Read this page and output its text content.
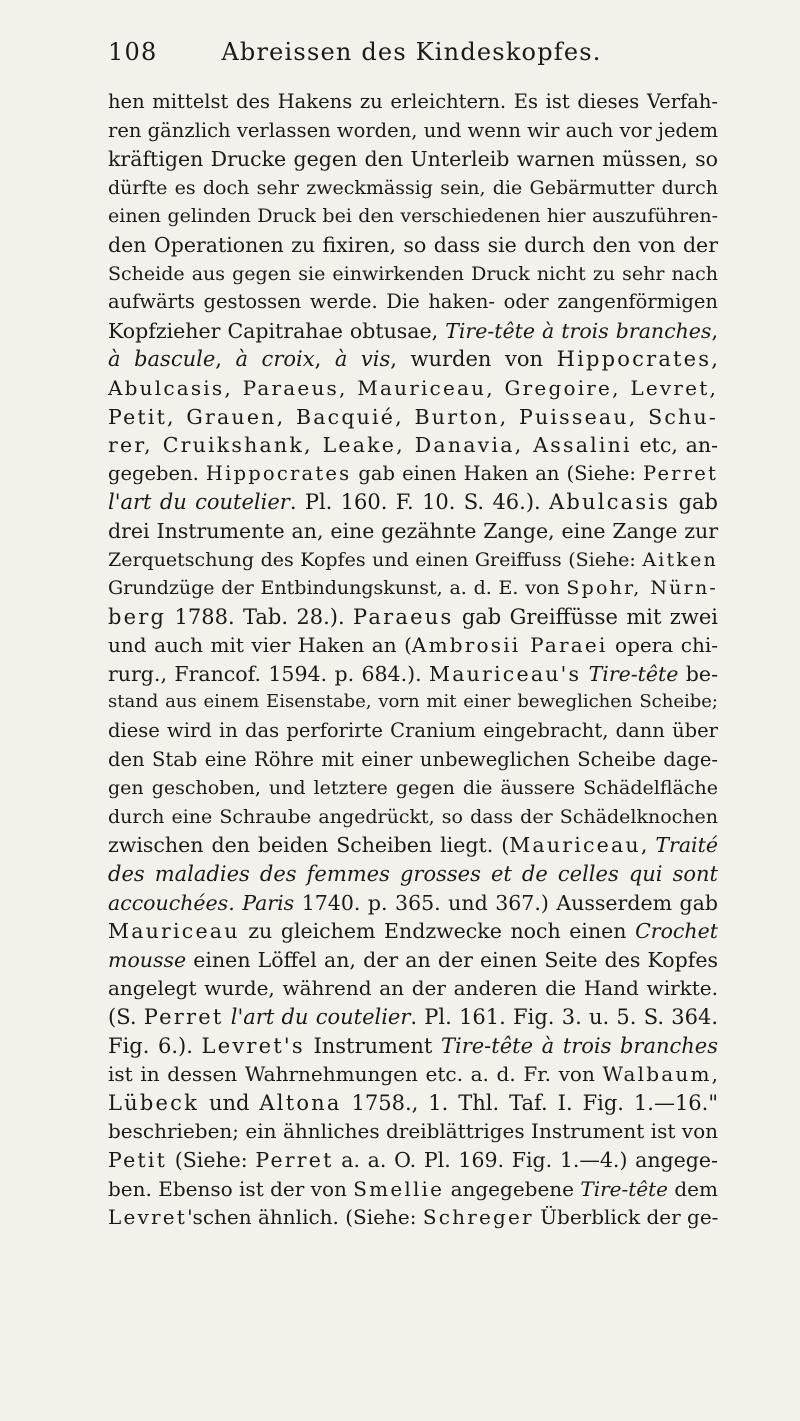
108	Abreissen des Kindeskopfes.
hen mittelst des Hakens zu erleichtern. Es ist dieses Verfah-
ren gänzlich verlassen worden, und wenn wir auch vor jedem
kräftigen Drucke gegen den Unterleib warnen müssen, so
dürfte es doch sehr zweckmässig sein, die Gebärmutter durch
einen gelinden Druck bei den verschiedenen hier auszuführen-
den Operationen zu fixiren, so dass sie durch den von der
Scheide aus gegen sie einwirkenden Druck nicht zu sehr nach
aufwärts gestossen werde. Die haken- oder zangenförmigen
Kopfzieher Capitrahae obtusae, Tire-tête à trois branches,
à bascule, à croix, à vis, wurden von Hippocrates,
Abulcasis, Paraeus, Mauriceau, Gregoire, Levret,
Petit, Grauen, Bacquié, Burton, Puisseau, Schu-
rer, Cruikshank, Leake, Danavia, Assalini etc, an-
gegeben. Hippocrates gab einen Haken an (Siehe: Perret
l'art du coutelier. Pl. 160. F. 10. S. 46.). Abulcasis gab
drei Instrumente an, eine gezähnte Zange, eine Zange zur
Zerquetschung des Kopfes und einen Greiffuss (Siehe: Aitken
Grundzüge der Entbindungskunst, a. d. E. von Spohr, Nürn-
berg 1788. Tab. 28.). Paraeus gab Greiffüsse mit zwei
und auch mit vier Haken an (Ambrosii Paraei opera chi-
rurg., Francof. 1594. p. 684.). Mauriceau's Tire-tête be-
stand aus einem Eisenstabe, vorn mit einer beweglichen Scheibe;
diese wird in das perforirte Cranium eingebracht, dann über
den Stab eine Röhre mit einer unbeweglichen Scheibe dage-
gen geschoben, und letztere gegen die äussere Schädelfläche
durch eine Schraube angedrückt, so dass der Schädelknochen
zwischen den beiden Scheiben liegt. (Mauriceau, Traité
des maladies des femmes grosses et de celles qui sont
accouchées. Paris 1740. p. 365. und 367.) Ausserdem gab
Mauriceau zu gleichem Endzwecke noch einen Crochet
mousse einen Löffel an, der an der einen Seite des Kopfes
angelegt wurde, während an der anderen die Hand wirkte.
(S. Perret l'art du coutelier. Pl. 161. Fig. 3. u. 5. S. 364.
Fig. 6.). Levret's Instrument Tire-tête à trois branches
ist in dessen Wahrnehmungen etc. a. d. Fr. von Walbaum,
Lübeck und Altona 1758., 1. Thl. Taf. I. Fig. 1.—16."
beschrieben; ein ähnliches dreiblättriges Instrument ist von
Petit (Siehe: Perret a. a. O. Pl. 169. Fig. 1.—4.) angege-
ben. Ebenso ist der von Smellie angegebene Tire-tête dem
Levret'schen ähnlich. (Siehe: Schreger Überblick der ge-
